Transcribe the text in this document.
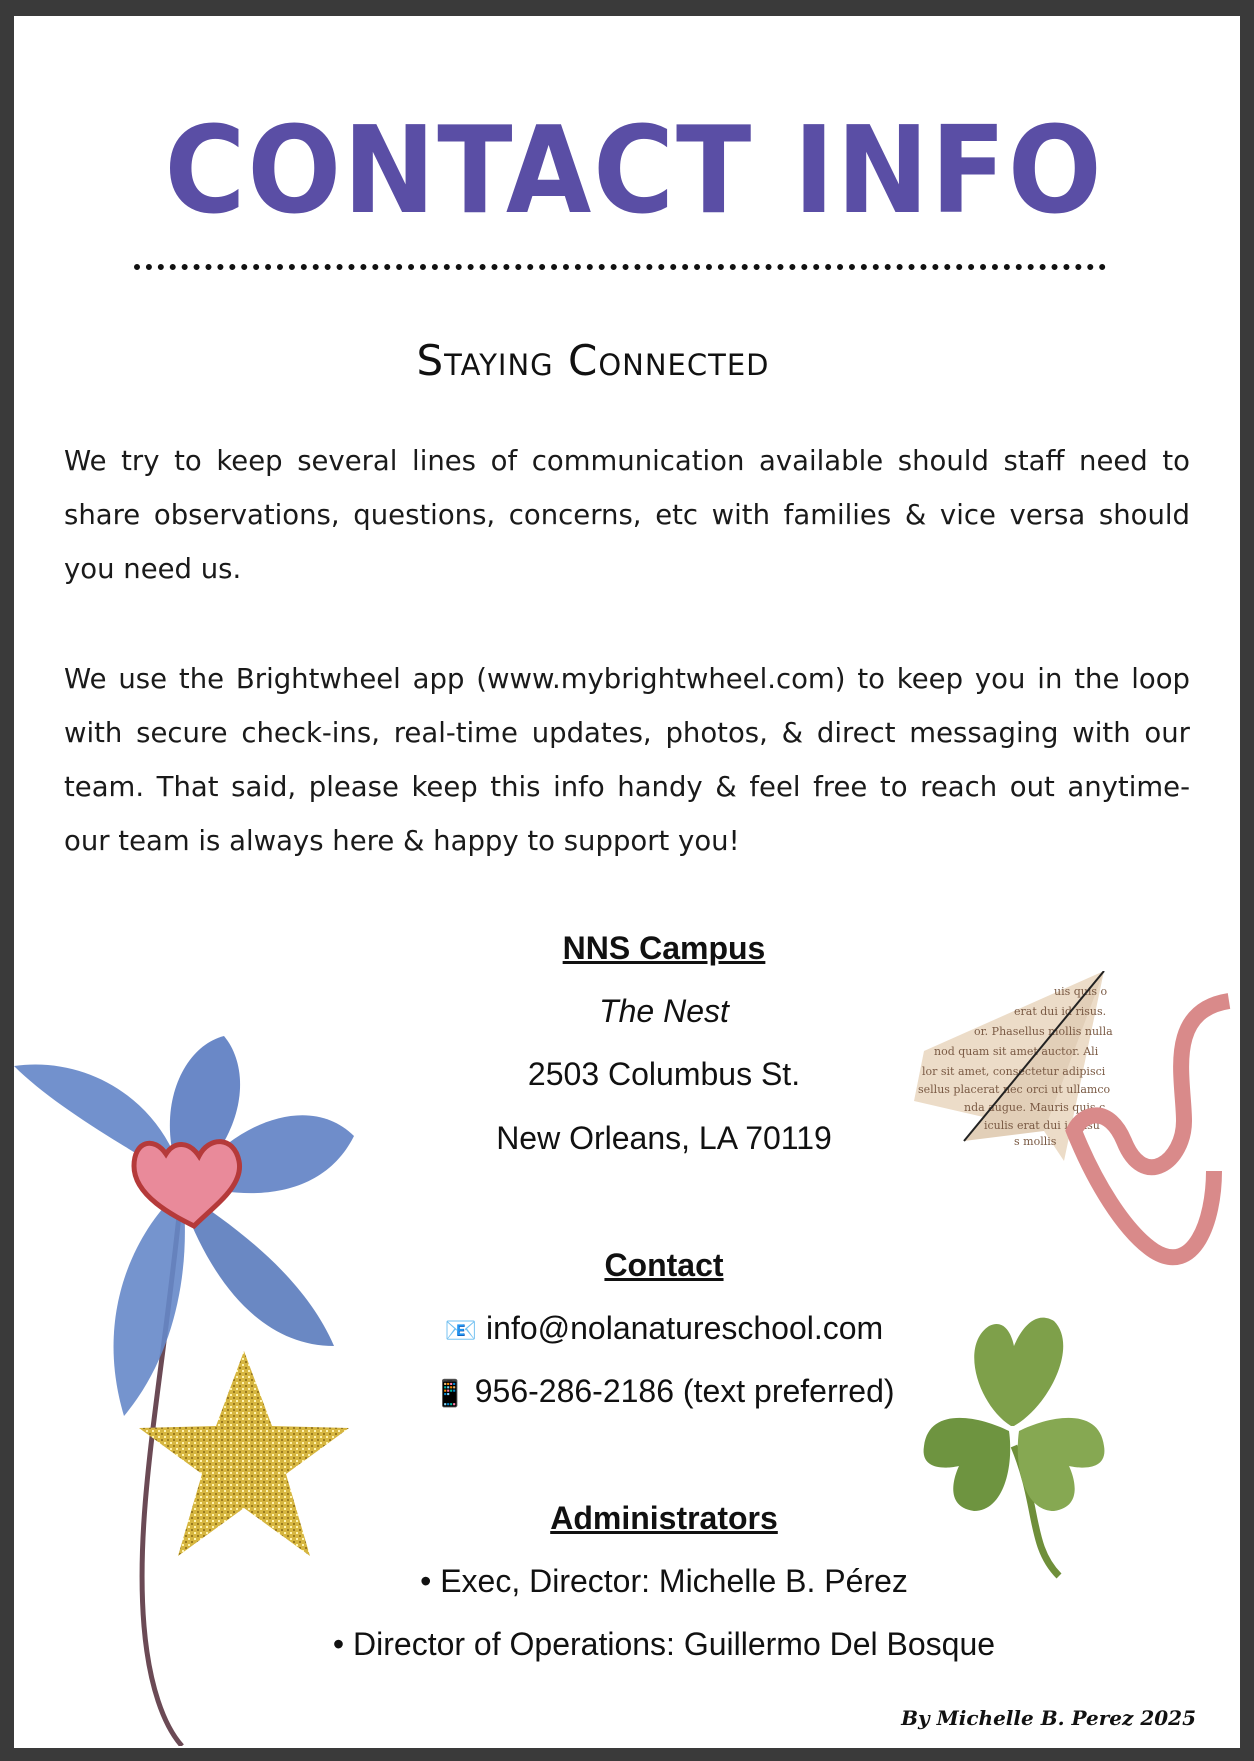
CONTACT INFO
Staying Connected
We try to keep several lines of communication available should staff need to share observations, questions, concerns, etc with families & vice versa should you need us.
We use the Brightwheel app (www.mybrightwheel.com) to keep you in the loop with secure check-ins, real-time updates, photos, & direct messaging with our team. That said, please keep this info handy & feel free to reach out anytime- our team is always here & happy to support you!
NNS Campus
The Nest
2503 Columbus St.
New Orleans, LA 70119
Contact
📧 info@nolanatureschool.com
📱 956-286-2186 (text preferred)
Administrators
• Exec, Director: Michelle B. Pérez
• Director of Operations: Guillermo Del Bosque
By Michelle B. Perez 2025
uis quis o
erat dui id risus.
or. Phasellus mollis nulla
nod quam sit amet auctor. Ali
lor sit amet, consectetur adipisci
sellus placerat nec orci ut ullamco
nda augue. Mauris quis c
iculis erat dui id risu
s mollis
